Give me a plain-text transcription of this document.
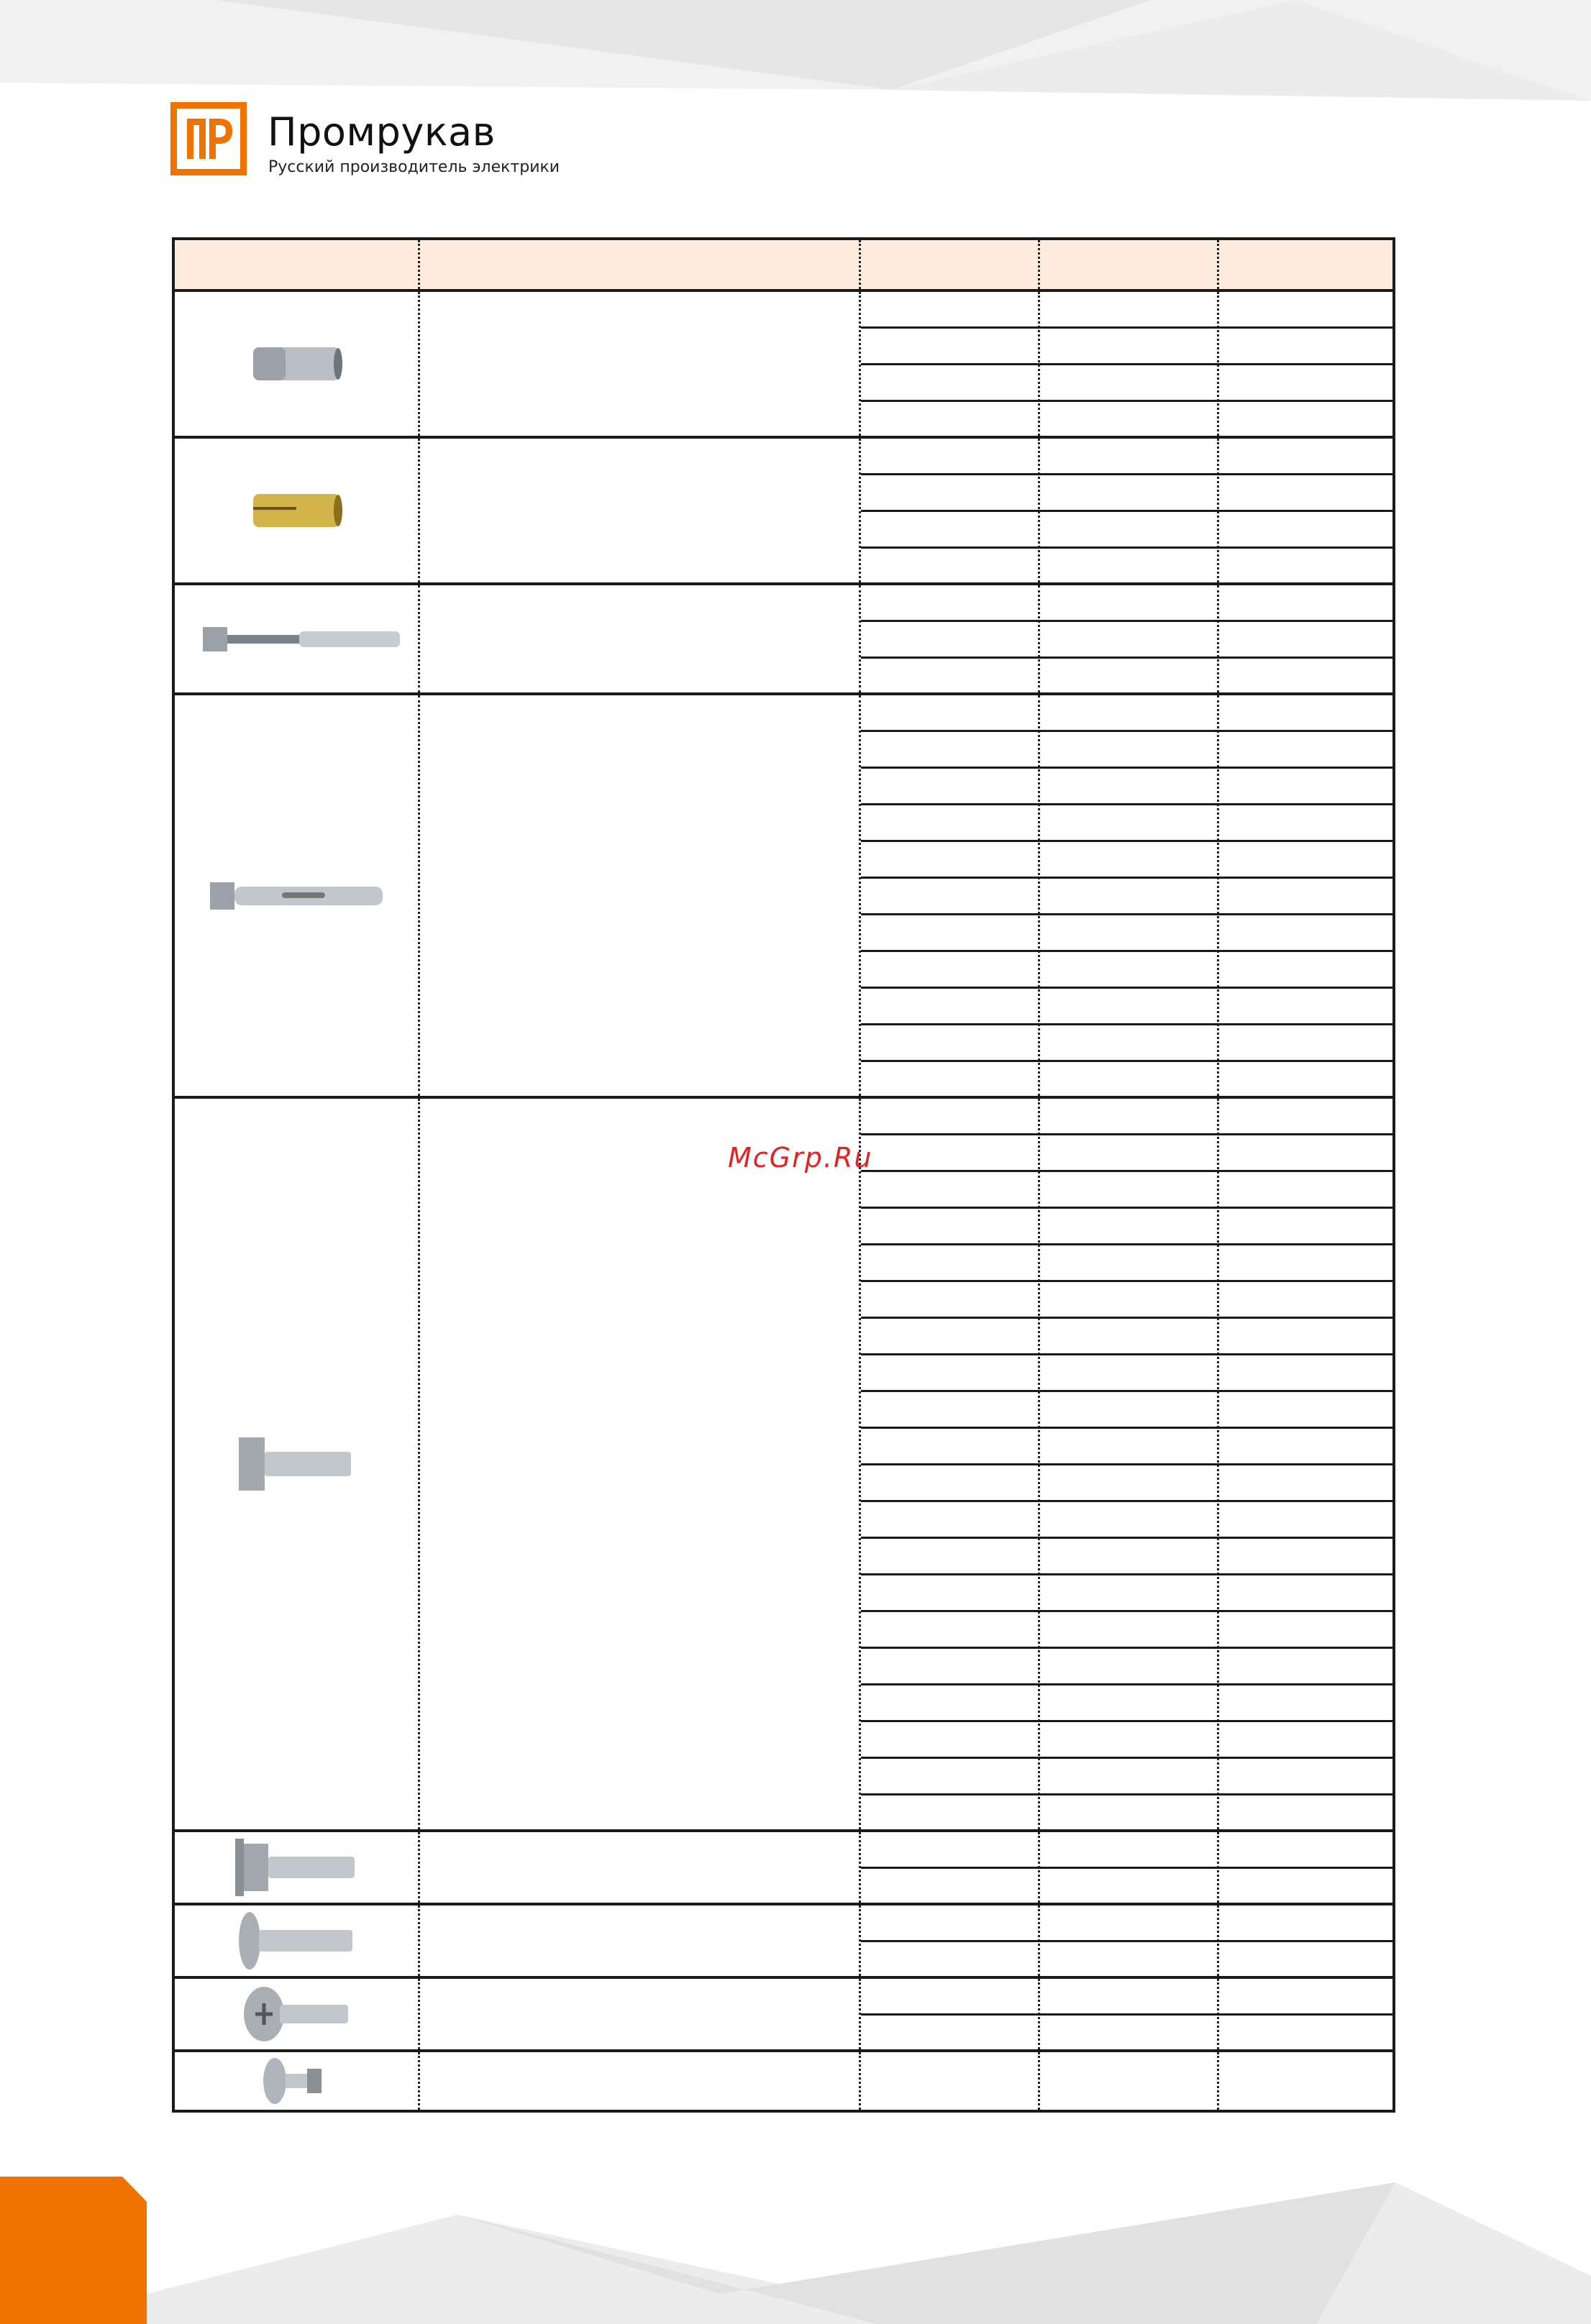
Промрукав
Русский производитель электрики
McGrp.Ru
